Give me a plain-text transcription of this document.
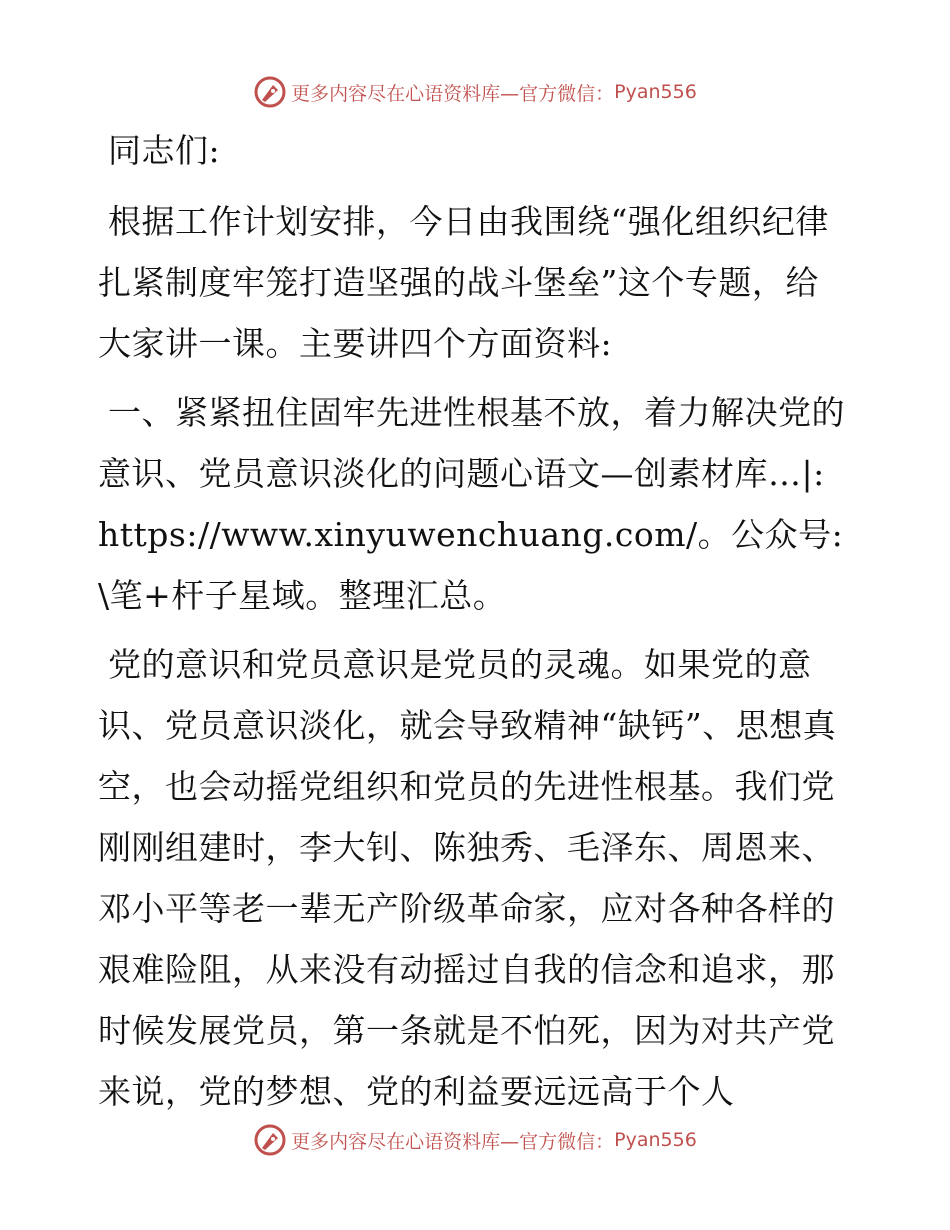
更多内容尽在心语资料库—官方微信： Pyan556

同志们:

根据工作计划安排，今日由我围绕“强化组织纪律扎紧制度牢笼打造坚强的战斗堡垒”这个专题，给大家讲一课。主要讲四个方面资料:

一、紧紧扭住固牢先进性根基不放，着力解决党的意识、党员意识淡化的问题心语文—创素材库…|: https://www.xinyuwenchuang.com/。公众号: \笔+杆子星域。整理汇总。

党的意识和党员意识是党员的灵魂。如果党的意识、党员意识淡化，就会导致精神“缺钙”、思想真空，也会动摇党组织和党员的先进性根基。我们党刚刚组建时，李大钊、陈独秀、毛泽东、周恩来、邓小平等老一辈无产阶级革命家，应对各种各样的艰难险阻，从来没有动摇过自我的信念和追求，那时候发展党员，第一条就是不怕死，因为对共产党来说，党的梦想、党的利益要远远高于个人

更多内容尽在心语资料库—官方微信： Pyan556
